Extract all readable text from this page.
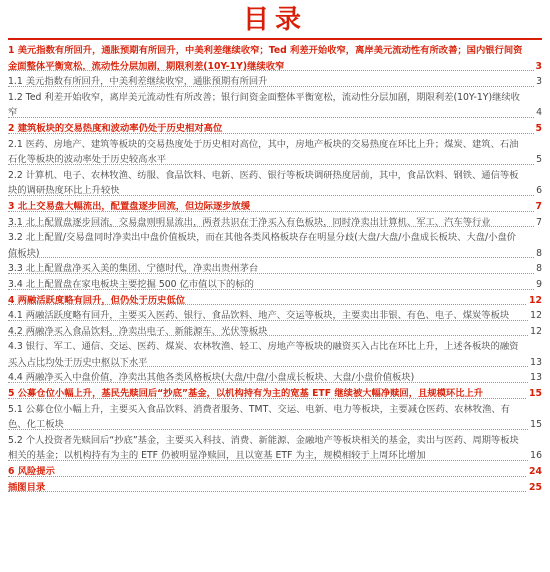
目录
1 美元指数有所回升，通胀预期有所回升，中美利差继续收窄；Ted 利差开始收窄，离岸美元流动性有所改善；国内银行间资金面整体平衡宽松，流动性分层加剧，期限利差(10Y-1Y)继续收窄	3
1.1 美元指数有所回升，中美利差继续收窄，通胀预期有所回升	3
1.2 Ted 利差开始收窄，离岸美元流动性有所改善；银行间资金面整体平衡宽松，流动性分层加剧，期限利差(10Y-1Y)继续收窄	4
2 建筑板块的交易热度和波动率仍处于历史相对高位	5
2.1 医药、房地产、建筑等板块的交易热度处于历史相对高位，其中，房地产板块的交易热度在环比上升；煤炭、建筑、石油石化等板块的波动率处于历史较高水平	5
2.2 计算机、电子、农林牧渔、纺服、食品饮料、电新、医药、银行等板块调研热度居前，其中，食品饮料、钢铁、通信等板块的调研热度环比上升较快	6
3 北上交易盘大幅流出，配置盘逐步回流，但边际逐步放缓	7
3.1 北上配置盘逐步回流，交易盘则明显流出，两者共识在于净买入有色板块，同时净卖出计算机、军工、汽车等行业	7
3.2 北上配置/交易盘同时净卖出中盘价值板块，而在其他各类风格板块存在明显分歧(大盘/大盘/小盘成长板块、大盘/小盘价值板块)	8
3.3 北上配置盘净买入美的集团、宁德时代，净卖出贵州茅台	8
3.4 北上配置盘在家电板块主要挖掘 500 亿市值以下的标的	9
4 两融活跃度略有回升，但仍处于历史低位	12
4.1 两融活跃度略有回升，主要买入医药、银行、食品饮料、地产、交运等板块，主要卖出非银、有色、电子、煤炭等板块	12
4.2 两融净买入食品饮料，净卖出电子、新能源车、光伏等板块	12
4.3 银行、军工、通信、交运、医药、煤炭、农林牧渔、轻工、房地产等板块的融资买入占比在环比上升，上述各板块的融资买入占比均处于历史中枢以下水平	13
4.4 两融净买入中盘价值，净卖出其他各类风格板块(大盘/中盘/小盘成长板块、大盘/小盘价值板块)	13
5 公募仓位小幅上升，基民先赎回后“抄底”基金，以机构持有为主的宽基 ETF 继续被大幅净赎回，且规模环比上升	15
5.1 公募仓位小幅上升，主要买入食品饮料、消费者服务、TMT、交运、电新、电力等板块，主要减仓医药、农林牧渔、有色、化工板块	15
5.2 个人投资者先赎回后“抄底”基金，主要买入科技、消费、新能源、金融地产等板块相关的基金，卖出与医药、周期等板块相关的基金；以机构持有为主的 ETF 仍被明显净赎回，且以宽基 ETF 为主，规模相较于上周环比增加	16
6 风险提示	24
插图目录	25
